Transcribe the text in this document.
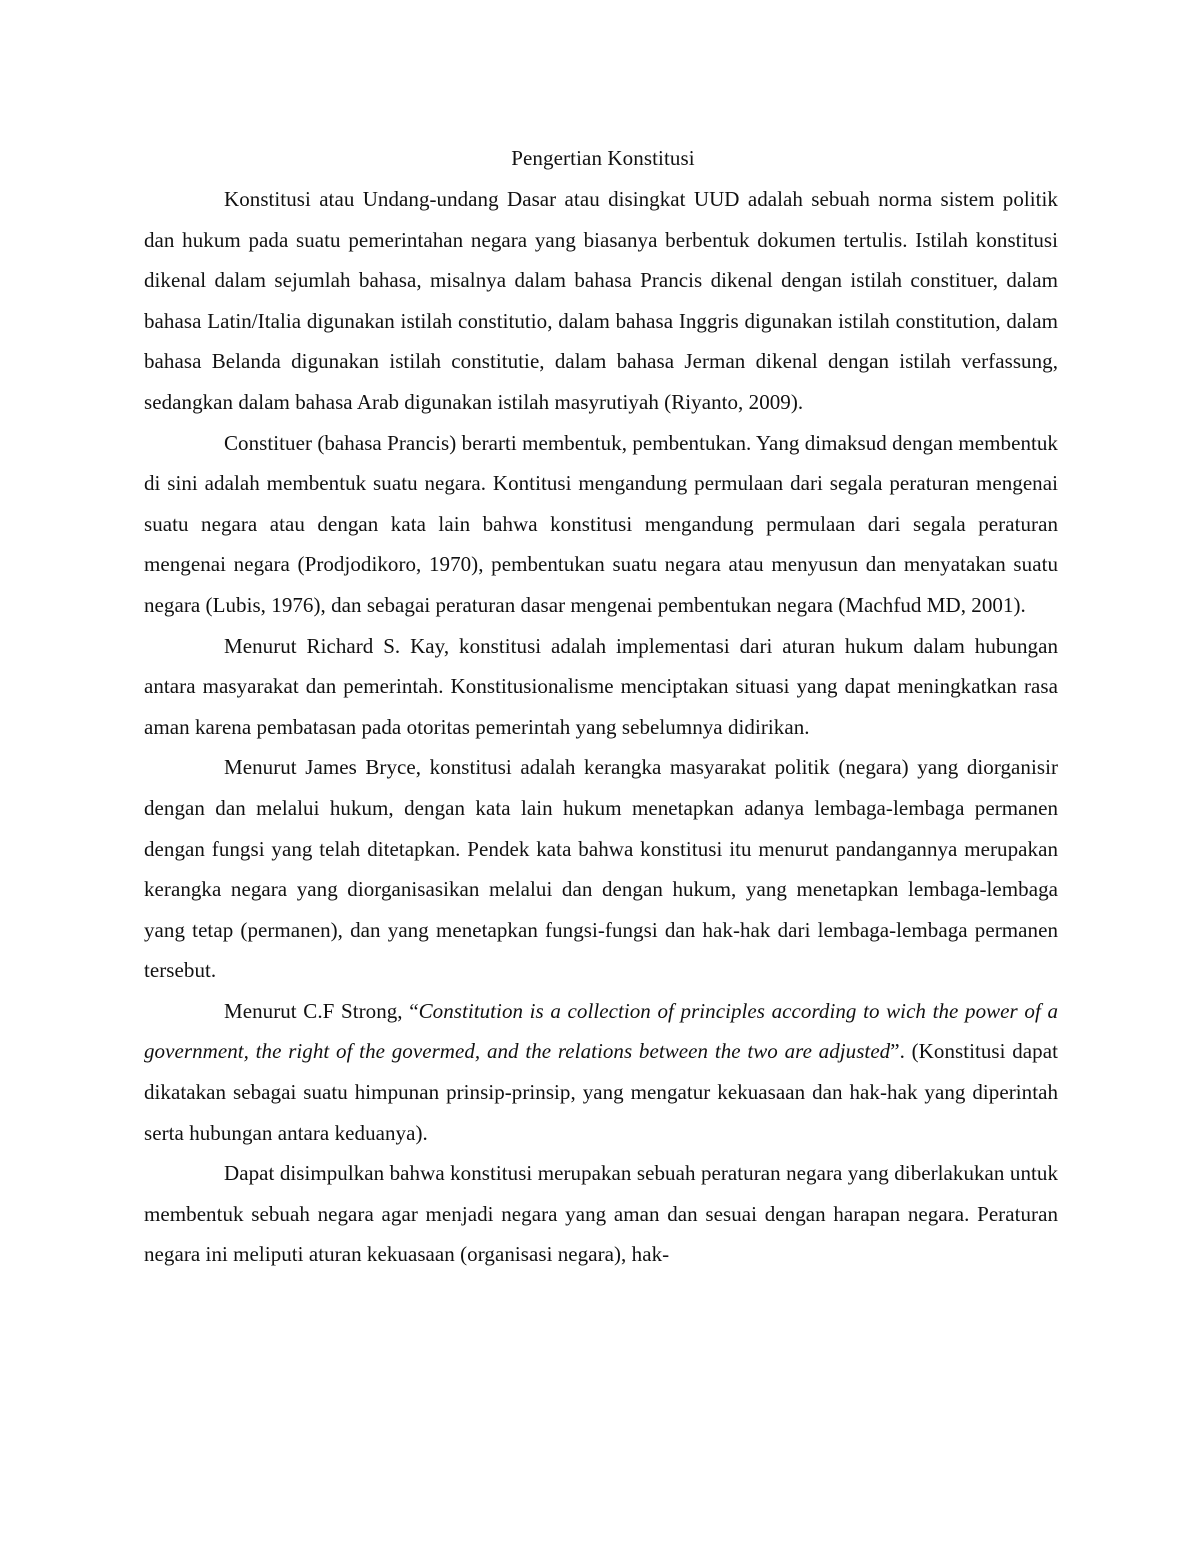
Pengertian Konstitusi

Konstitusi atau Undang-undang Dasar atau disingkat UUD adalah sebuah norma sistem politik dan hukum pada suatu pemerintahan negara yang biasanya berbentuk dokumen tertulis. Istilah konstitusi dikenal dalam sejumlah bahasa, misalnya dalam bahasa Prancis dikenal dengan istilah constituer, dalam bahasa Latin/Italia digunakan istilah constitutio, dalam bahasa Inggris digunakan istilah constitution, dalam bahasa Belanda digunakan istilah constitutie, dalam bahasa Jerman dikenal dengan istilah verfassung, sedangkan dalam bahasa Arab digunakan istilah masyrutiyah (Riyanto, 2009).

Constituer (bahasa Prancis) berarti membentuk, pembentukan. Yang dimaksud dengan membentuk di sini adalah membentuk suatu negara. Kontitusi mengandung permulaan dari segala peraturan mengenai suatu negara atau dengan kata lain bahwa konstitusi mengandung permulaan dari segala peraturan mengenai negara (Prodjodikoro, 1970), pembentukan suatu negara atau menyusun dan menyatakan suatu negara (Lubis, 1976), dan sebagai peraturan dasar mengenai pembentukan negara (Machfud MD, 2001).

Menurut Richard S. Kay, konstitusi adalah implementasi dari aturan hukum dalam hubungan antara masyarakat dan pemerintah. Konstitusionalisme menciptakan situasi yang dapat meningkatkan rasa aman karena pembatasan pada otoritas pemerintah yang sebelumnya didirikan.

Menurut James Bryce, konstitusi adalah kerangka masyarakat politik (negara) yang diorganisir dengan dan melalui hukum, dengan kata lain hukum menetapkan adanya lembaga-lembaga permanen dengan fungsi yang telah ditetapkan. Pendek kata bahwa konstitusi itu menurut pandangannya merupakan kerangka negara yang diorganisasikan melalui dan dengan hukum, yang menetapkan lembaga-lembaga yang tetap (permanen), dan yang menetapkan fungsi-fungsi dan hak-hak dari lembaga-lembaga permanen tersebut.

Menurut C.F Strong, “Constitution is a collection of principles according to wich the power of a government, the right of the govermed, and the relations between the two are adjusted”. (Konstitusi dapat dikatakan sebagai suatu himpunan prinsip-prinsip, yang mengatur kekuasaan dan hak-hak yang diperintah serta hubungan antara keduanya).

Dapat disimpulkan bahwa konstitusi merupakan sebuah peraturan negara yang diberlakukan untuk membentuk sebuah negara agar menjadi negara yang aman dan sesuai dengan harapan negara. Peraturan negara ini meliputi aturan kekuasaan (organisasi negara), hak-
